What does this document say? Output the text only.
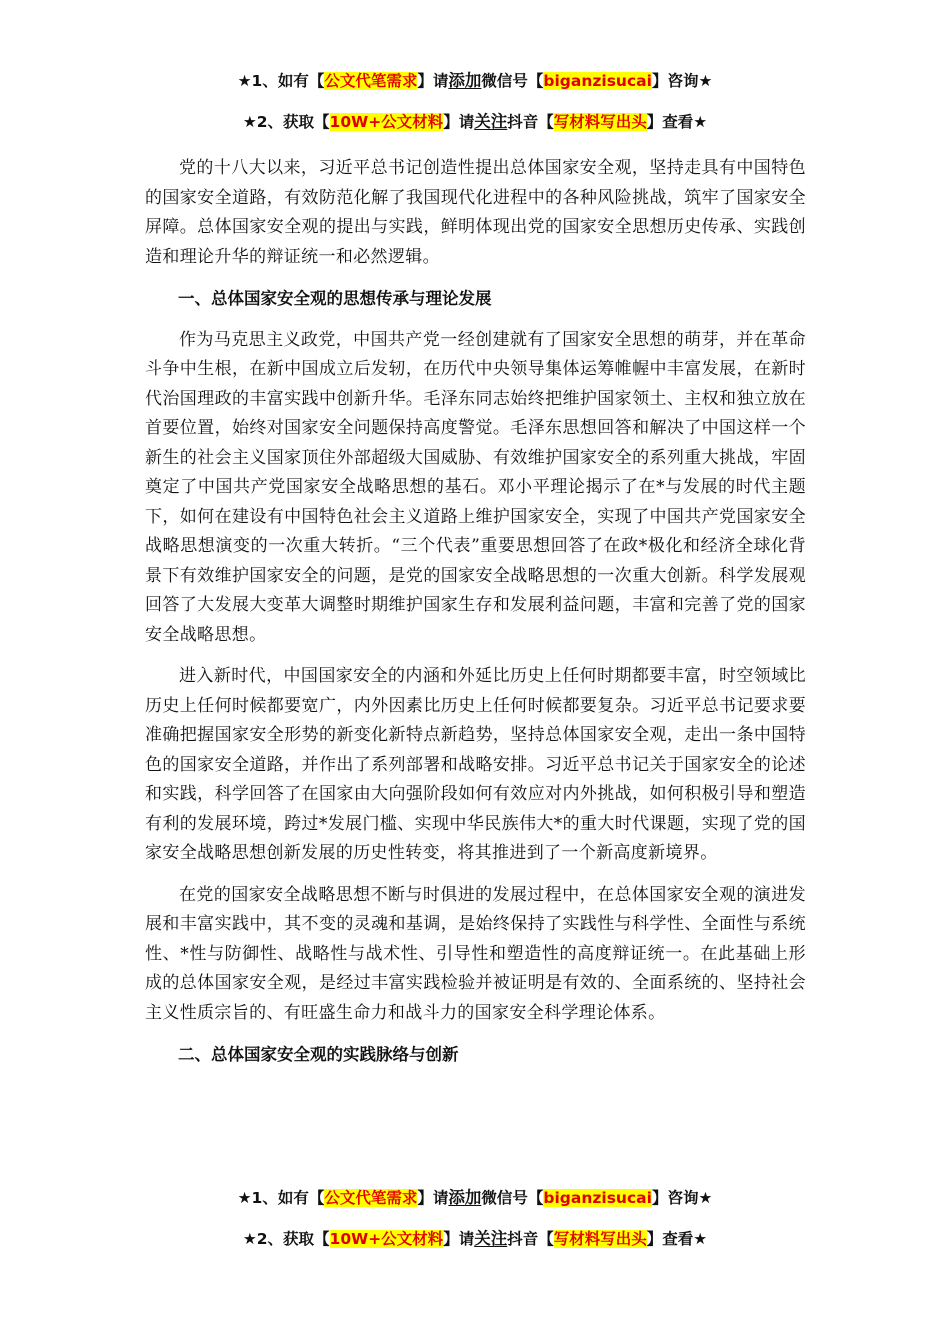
★1、如有【公文代笔需求】请添加微信号【biganzisucai】咨询★
★2、获取【10W+公文材料】请关注抖音【写材料写出头】查看★

党的十八大以来，习近平总书记创造性提出总体国家安全观，坚持走具有中国特色的国家安全道路，有效防范化解了我国现代化进程中的各种风险挑战，筑牢了国家安全屏障。总体国家安全观的提出与实践，鲜明体现出党的国家安全思想历史传承、实践创造和理论升华的辩证统一和必然逻辑。

一、总体国家安全观的思想传承与理论发展

作为马克思主义政党，中国共产党一经创建就有了国家安全思想的萌芽，并在革命斗争中生根，在新中国成立后发轫，在历代中央领导集体运筹帷幄中丰富发展，在新时代治国理政的丰富实践中创新升华。毛泽东同志始终把维护国家领土、主权和独立放在首要位置，始终对国家安全问题保持高度警觉。毛泽东思想回答和解决了中国这样一个新生的社会主义国家顶住外部超级大国威胁、有效维护国家安全的系列重大挑战，牢固奠定了中国共产党国家安全战略思想的基石。邓小平理论揭示了在*与发展的时代主题下，如何在建设有中国特色社会主义道路上维护国家安全，实现了中国共产党国家安全战略思想演变的一次重大转折。“三个代表”重要思想回答了在政*极化和经济全球化背景下有效维护国家安全的问题，是党的国家安全战略思想的一次重大创新。科学发展观回答了大发展大变革大调整时期维护国家生存和发展利益问题，丰富和完善了党的国家安全战略思想。

进入新时代，中国国家安全的内涵和外延比历史上任何时期都要丰富，时空领域比历史上任何时候都要宽广，内外因素比历史上任何时候都要复杂。习近平总书记要求要准确把握国家安全形势的新变化新特点新趋势，坚持总体国家安全观，走出一条中国特色的国家安全道路，并作出了系列部署和战略安排。习近平总书记关于国家安全的论述和实践，科学回答了在国家由大向强阶段如何有效应对内外挑战，如何积极引导和塑造有利的发展环境，跨过*发展门槛、实现中华民族伟大*的重大时代课题，实现了党的国家安全战略思想创新发展的历史性转变，将其推进到了一个新高度新境界。

在党的国家安全战略思想不断与时俱进的发展过程中，在总体国家安全观的演进发展和丰富实践中，其不变的灵魂和基调，是始终保持了实践性与科学性、全面性与系统性、*性与防御性、战略性与战术性、引导性和塑造性的高度辩证统一。在此基础上形成的总体国家安全观，是经过丰富实践检验并被证明是有效的、全面系统的、坚持社会主义性质宗旨的、有旺盛生命力和战斗力的国家安全科学理论体系。

二、总体国家安全观的实践脉络与创新

★1、如有【公文代笔需求】请添加微信号【biganzisucai】咨询★
★2、获取【10W+公文材料】请关注抖音【写材料写出头】查看★
